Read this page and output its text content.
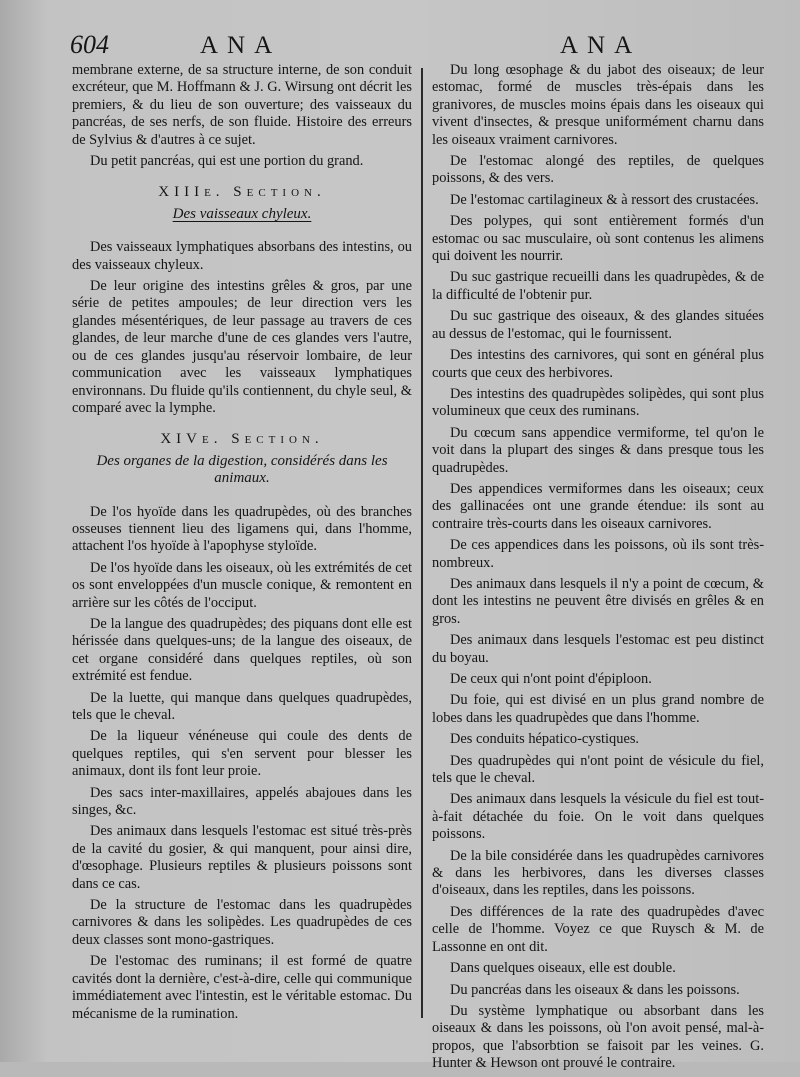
604	ANA	ANA

membrane externe, de sa structure interne, de son conduit excréteur, que M. Hoffmann & J. G. Wirsung ont décrit les premiers, & du lieu de son ouverture; des vaisseaux du pancréas, de ses nerfs, de son fluide. Histoire des erreurs de Sylvius & d'autres à ce sujet.

Du petit pancréas, qui est une portion du grand.

XIIIe. Section.

Des vaisseaux chyleux.

Des vaisseaux lymphatiques absorbans des intestins, ou des vaisseaux chyleux.

De leur origine des intestins grêles & gros, par une série de petites ampoules; de leur direction vers les glandes mésentériques, de leur passage au travers de ces glandes, de leur marche d'une de ces glandes vers l'autre, ou de ces glandes jusqu'au réservoir lombaire, de leur communication avec les vaisseaux lymphatiques environnans. Du fluide qu'ils contiennent, du chyle seul, & comparé avec la lymphe.

XIVe. Section.

Des organes de la digestion, considérés dans les animaux.

De l'os hyoïde dans les quadrupèdes, où des branches osseuses tiennent lieu des ligamens qui, dans l'homme, attachent l'os hyoïde à l'apophyse styloïde.

De l'os hyoïde dans les oiseaux, où les extrémités de cet os sont enveloppées d'un muscle conique, & remontent en arrière sur les côtés de l'occiput.

De la langue des quadrupèdes; des piquans dont elle est hérissée dans quelques-uns; de la langue des oiseaux, de cet organe considéré dans quelques reptiles, où son extrémité est fendue.

De la luette, qui manque dans quelques quadrupèdes, tels que le cheval.

De la liqueur vénéneuse qui coule des dents de quelques reptiles, qui s'en servent pour blesser les animaux, dont ils font leur proie.

Des sacs inter-maxillaires, appelés abajoues dans les singes, &c.

Des animaux dans lesquels l'estomac est situé très-près de la cavité du gosier, & qui manquent, pour ainsi dire, d'œsophage. Plusieurs reptiles & plusieurs poissons sont dans ce cas.

De la structure de l'estomac dans les quadrupèdes carnivores & dans les solipèdes. Les quadrupèdes de ces deux classes sont mono-gastriques.

De l'estomac des ruminans; il est formé de quatre cavités dont la dernière, c'est-à-dire, celle qui communique immédiatement avec l'intestin, est le véritable estomac. Du mécanisme de la rumination.

Du long œsophage & du jabot des oiseaux; de leur estomac, formé de muscles très-épais dans les granivores, de muscles moins épais dans les oiseaux qui vivent d'insectes, & presque uniformément charnu dans les oiseaux vraiment carnivores.

De l'estomac alongé des reptiles, de quelques poissons, & des vers.

De l'estomac cartilagineux & à ressort des crustacées.

Des polypes, qui sont entièrement formés d'un estomac ou sac musculaire, où sont contenus les alimens qui doivent les nourrir.

Du suc gastrique recueilli dans les quadrupèdes, & de la difficulté de l'obtenir pur.

Du suc gastrique des oiseaux, & des glandes situées au dessus de l'estomac, qui le fournissent.

Des intestins des carnivores, qui sont en général plus courts que ceux des herbivores.

Des intestins des quadrupèdes solipèdes, qui sont plus volumineux que ceux des ruminans.

Du cœcum sans appendice vermiforme, tel qu'on le voit dans la plupart des singes & dans presque tous les quadrupèdes.

Des appendices vermiformes dans les oiseaux; ceux des gallinacées ont une grande étendue: ils sont au contraire très-courts dans les oiseaux carnivores.

De ces appendices dans les poissons, où ils sont très-nombreux.

Des animaux dans lesquels il n'y a point de cœcum, & dont les intestins ne peuvent être divisés en grêles & en gros.

Des animaux dans lesquels l'estomac est peu distinct du boyau.

De ceux qui n'ont point d'épiploon.

Du foie, qui est divisé en un plus grand nombre de lobes dans les quadrupèdes que dans l'homme.

Des conduits hépatico-cystiques.

Des quadrupèdes qui n'ont point de vésicule du fiel, tels que le cheval.

Des animaux dans lesquels la vésicule du fiel est tout-à-fait détachée du foie. On le voit dans quelques poissons.

De la bile considérée dans les quadrupèdes carnivores & dans les herbivores, dans les diverses classes d'oiseaux, dans les reptiles, dans les poissons.

Des différences de la rate des quadrupèdes d'avec celle de l'homme. Voyez ce que Ruysch & M. de Lassonne en ont dit.

Dans quelques oiseaux, elle est double.

Du pancréas dans les oiseaux & dans les poissons.

Du système lymphatique ou absorbant dans les oiseaux & dans les poissons, où l'on avoit pensé, mal-à-propos, que l'absorbtion se faisoit par les veines. G. Hunter & Hewson ont prouvé le contraire.
